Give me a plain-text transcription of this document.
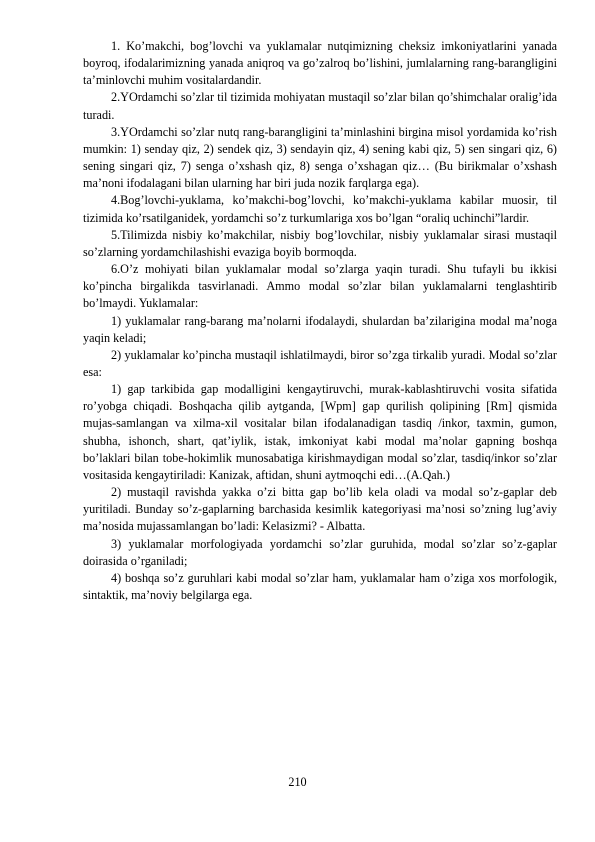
1. Ko’makchi, bog’lovchi va yuklamalar nutqimizning cheksiz imkoniyatlarini yanada boyroq, ifodalarimizning yanada aniqroq va go’zalroq bo’lishini, jumlalarning rang-barangligini ta’minlovchi muhim vositalardandir.

2.YOrdamchi so’zlar til tizimida mohiyatan mustaqil so’zlar bilan qo’shimchalar oralig’ida turadi.

3.YOrdamchi so’zlar nutq rang-barangligini ta’minlashini birgina misol yordamida ko’rish mumkin: 1) senday qiz, 2) sendek qiz, 3) sendayin qiz, 4) sening kabi qiz, 5) sen singari qiz, 6) sening singari qiz, 7) senga o’xshash qiz, 8) senga o’xshagan qiz… (Bu birikmalar o’xshash ma’noni ifodalagani bilan ularning har biri juda nozik farqlarga ega).

4.Bog’lovchi-yuklama, ko’makchi-bog’lovchi, ko’makchi-yuklama kabilar muosir, til tizimida ko’rsatilganidek, yordamchi so’z turkumlariga xos bo’lgan “oraliq uchinchi”lardir.

5.Tilimizda nisbiy ko’makchilar, nisbiy bog’lovchilar, nisbiy yuklamalar sirasi mustaqil so’zlarning yordamchilashishi evaziga boyib bormoqda.

6.O’z mohiyati bilan yuklamalar modal so’zlarga yaqin turadi. Shu tufayli bu ikkisi ko’pincha birgalikda tasvirlanadi. Ammo modal so’zlar bilan yuklamalarni tenglashtirib bo’lmaydi. Yuklamalar:

1) yuklamalar rang-barang ma’nolarni ifodalaydi, shulardan ba’zilarigina modal ma’noga yaqin keladi;

2) yuklamalar ko’pincha mustaqil ishlatilmaydi, biror so’zga tirkalib yuradi. Modal so’zlar esa:

1) gap tarkibida gap modalligini kengaytiruvchi, murak-kablashtiruvchi vosita sifatida ro’yobga chiqadi. Boshqacha qilib aytganda, [Wpm] gap qurilish qolipining [Rm] qismida mujas-samlangan va xilma-xil vositalar bilan ifodalanadigan tasdiq /inkor, taxmin, gumon, shubha, ishonch, shart, qat’iylik, istak, imkoniyat kabi modal ma’nolar gapning boshqa bo’laklari bilan tobe-hokimlik munosabatiga kirishmaydigan modal so’zlar, tasdiq/inkor so’zlar vositasida kengaytiriladi: Kanizak, aftidan, shuni aytmoqchi edi…(A.Qah.)

2) mustaqil ravishda yakka o’zi bitta gap bo’lib kela oladi va modal so’z-gaplar deb yuritiladi. Bunday so’z-gaplarning barchasida kesimlik kategoriyasi ma’nosi so’zning lug’aviy ma’nosida mujassamlangan bo’ladi: Kelasizmi? - Albatta.

3) yuklamalar morfologiyada yordamchi so’zlar guruhida, modal so’zlar so’z-gaplar doirasida o’rganiladi;

4) boshqa so’z guruhlari kabi modal so’zlar ham, yuklamalar ham o’ziga xos morfologik, sintaktik, ma’noviy belgilarga ega.

210
